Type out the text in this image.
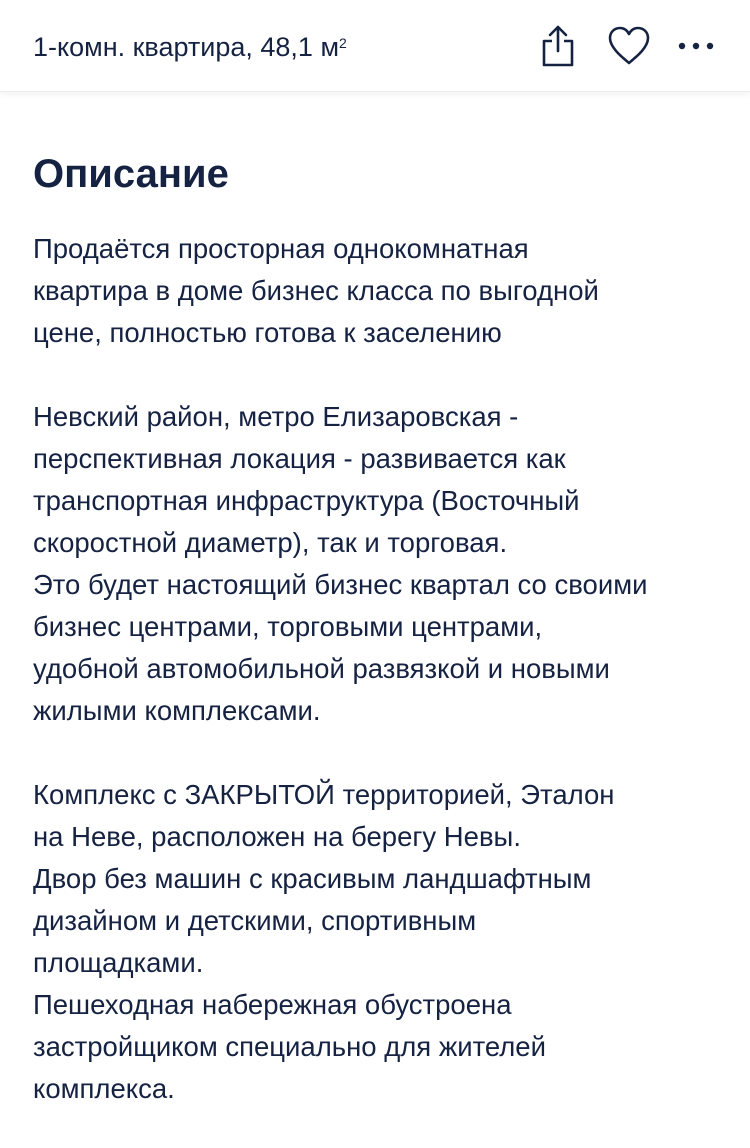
1-комн. квартира, 48,1 $м^2$
Описание

Продаётся просторная однокомнатная
квартира в доме бизнес класса по выгодной
цене, полностью готова к заселению

Невский район, метро Елизаровская -
перспективная локация - развивается как
транспортная инфраструктура (Восточный
скоростной диаметр), так и торговая.
Это будет настоящий бизнес квартал со своими
бизнес центрами, торговыми центрами,
удобной автомобильной развязкой и новыми
жилыми комплексами.

Комплекс с ЗАКРЫТОЙ территорией, Эталон
на Неве, расположен на берегу Невы.
Двор без машин с красивым ландшафтным
дизайном и детскими, спортивным
площадками.
Пешеходная набережная обустроена
застройщиком специально для жителей
комплекса.
